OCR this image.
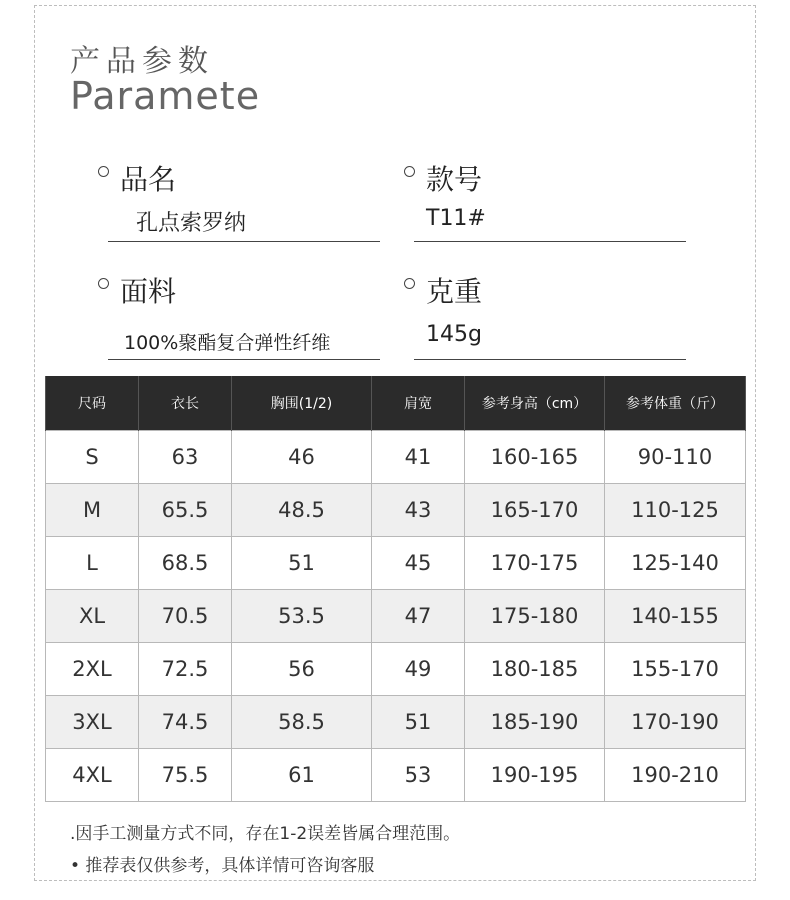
产品参数
Paramete
品名
孔点索罗纳
款号
T11#
面料
100%聚酯复合弹性纤维
克重
145g
尺码	衣长	胸围(1/2)	肩宽	参考身高（cm）	参考体重（斤）
S	63	46	41	160-165	90-110
M	65.5	48.5	43	165-170	110-125
L	68.5	51	45	170-175	125-140
XL	70.5	53.5	47	175-180	140-155
2XL	72.5	56	49	180-185	155-170
3XL	74.5	58.5	51	185-190	170-190
4XL	75.5	61	53	190-195	190-210
.因手工测量方式不同，存在1-2误差皆属合理范围。
• 推荐表仅供参考，具体详情可咨询客服
